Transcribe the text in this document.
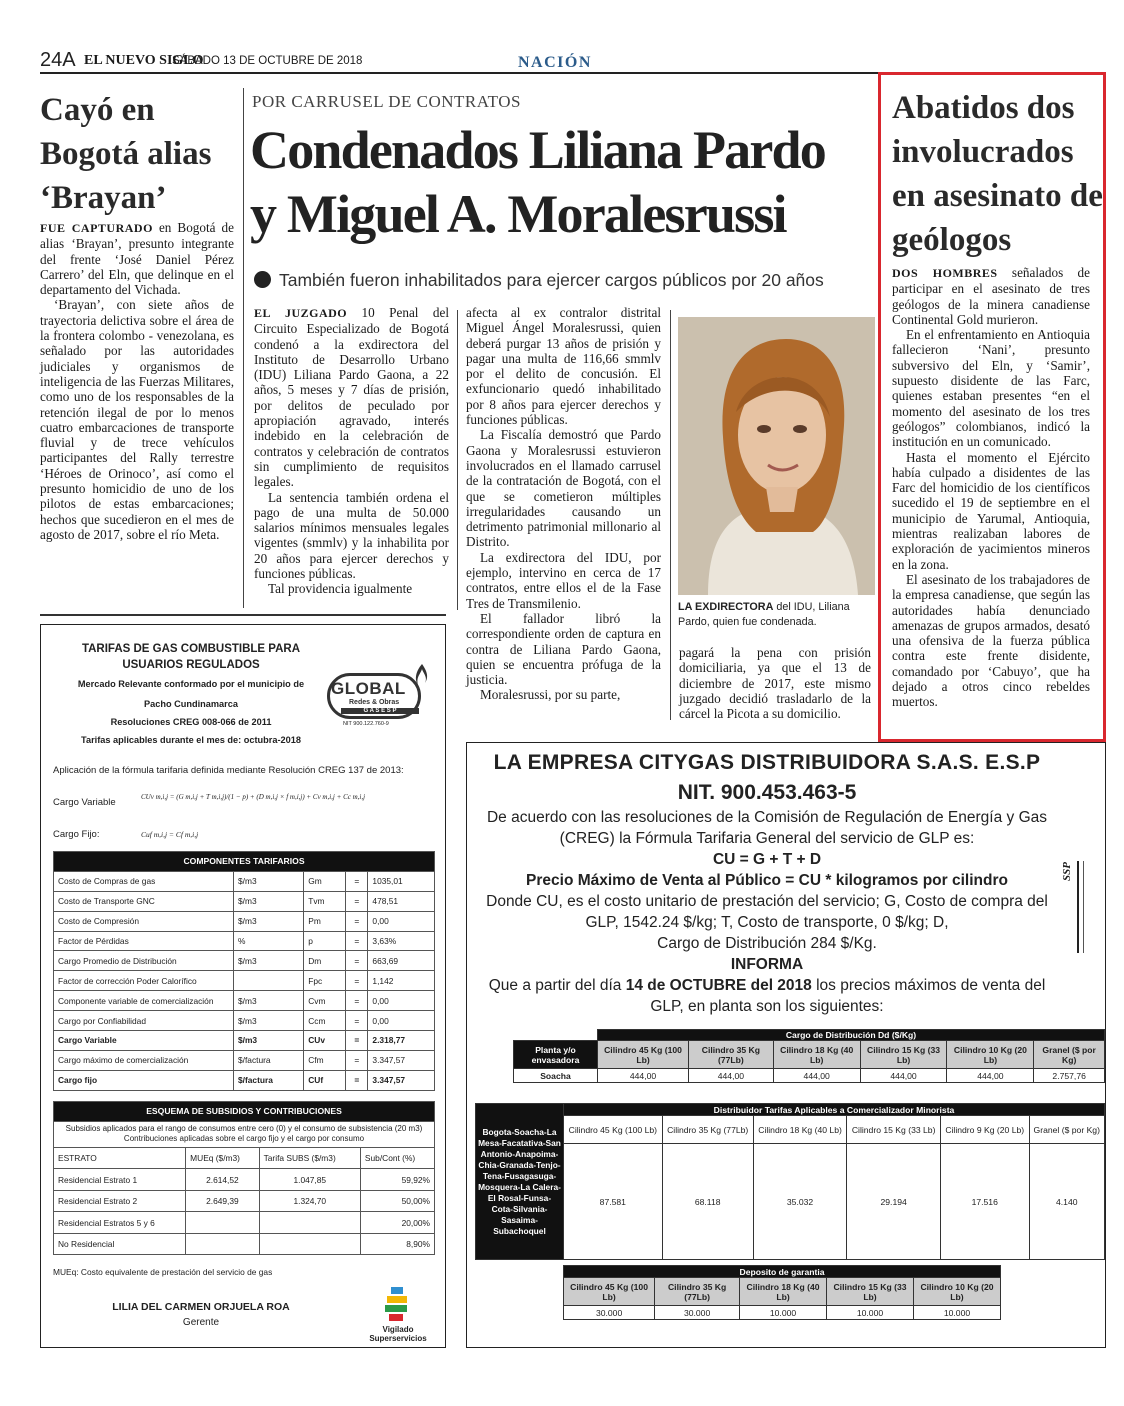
24A EL NUEVO SIGLO
SÁBADO 13 DE OCTUBRE DE 2018	NACIÓN
Cayó en Bogotá alias ‘Brayan’

FUE CAPTURADO en Bogotá de alias ‘Brayan’, presunto integrante del frente ‘José Daniel Pérez Carrero’ del Eln, que delinque en el departamento del Vichada.

‘Brayan’, con siete años de trayectoria delictiva sobre el área de la frontera colombo - venezolana, es señalado por las autoridades judiciales y organismos de inteligencia de las Fuerzas Militares, como uno de los responsables de la retención ilegal de por lo menos cuatro embarcaciones de transporte fluvial y de trece vehículos participantes del Rally terrestre ‘Héroes de Orinoco’, así como el presunto homicidio de uno de los pilotos de estas embarcaciones; hechos que sucedieron en el mes de agosto de 2017, sobre el río Meta.

POR CARRUSEL DE CONTRATOS
Condenados Liliana Pardo
y Miguel A. Moralesrussi
También fueron inhabilitados para ejercer cargos públicos por 20 años

EL JUZGADO 10 Penal del Circuito Especializado de Bogotá condenó a la exdirectora del Instituto de Desarrollo Urbano (IDU) Liliana Pardo Gaona, a 22 años, 5 meses y 7 días de prisión, por delitos de peculado por apropiación agravado, interés indebido en la celebración de contratos y celebración de contratos sin cumplimiento de requisitos legales.

La sentencia también ordena el pago de una multa de 50.000 salarios mínimos mensuales legales vigentes (smmlv) y la inhabilita por 20 años para ejercer derechos y funciones públicas.

Tal providencia igualmente

afecta al ex contralor distrital Miguel Ángel Moralesrussi, quien deberá purgar 13 años de prisión y pagar una multa de 116,66 smmlv por el delito de concusión. El exfuncionario quedó inhabilitado por 8 años para ejercer derechos y funciones públicas.

La Fiscalía demostró que Pardo Gaona y Moralesrussi estuvieron involucrados en el llamado carrusel de la contratación de Bogotá, con el que se cometieron múltiples irregularidades causando un detrimento patrimonial millonario al Distrito.

La exdirectora del IDU, por ejemplo, intervino en cerca de 17 contratos, entre ellos el de la Fase Tres de Transmilenio.

El fallador libró la correspondiente orden de captura en contra de Liliana Pardo Gaona, quien se encuentra prófuga de la justicia.

Moralesrussi, por su parte,

LA EXDIRECTORA del IDU, Liliana Pardo, quien fue condenada.

pagará la pena con prisión domiciliaria, ya que el 13 de diciembre de 2017, este mismo juzgado decidió trasladarlo de la cárcel la Picota a su domicilio.

Abatidos dos involucrados en asesinato de geólogos

DOS HOMBRES señalados de participar en el asesinato de tres geólogos de la minera canadiense Continental Gold murieron.

En el enfrentamiento en Antioquia fallecieron ‘Nani’, presunto subversivo del Eln, y ‘Samir’, supuesto disidente de las Farc, quienes estaban presentes “en el momento del asesinato de los tres geólogos” colombianos, indicó la institución en un comunicado.

Hasta el momento el Ejército había culpado a disidentes de las Farc del homicidio de los científicos sucedido el 19 de septiembre en el municipio de Yarumal, Antioquia, mientras realizaban labores de exploración de yacimientos mineros en la zona.

El asesinato de los trabajadores de la empresa canadiense, que según las autoridades había denunciado amenazas de grupos armados, desató una ofensiva de la fuerza pública contra este frente disidente, comandado por ‘Cabuyo’, que ha dejado a otros cinco rebeldes muertos.

TARIFAS DE GAS COMBUSTIBLE PARA
USUARIOS REGULADOS
Mercado Relevante conformado por el municipio de
Pacho Cundinamarca
Resoluciones CREG 008-066 de 2011
Tarifas aplicables durante el mes de: octubra-2018
GLOBAL
Redes & Obras
G A S E S P
NIT 900.122.760-9
Aplicación de la fórmula tarifaria definida mediante Resolución CREG 137 de 2013:
Cargo Variable	CUv m,i,j = (G m,i,j + T m,i,j)/(1 − p) + (D m,i,j × f m,i,j) + Cv m,i,j + Cc m,i,j
Cargo Fijo:	Cuf m,i,j = Cf m,i,j
COMPONENTES TARIFARIOS				
Costo de Compras de gas	$/m3	Gm	=	1035,01
Costo de Transporte GNC	$/m3	Tvm	=	478,51
Costo de Compresión	$/m3	Pm	=	0,00
Factor de Pérdidas	%	p	=	3,63%
Cargo Promedio de Distribución	$/m3	Dm	=	663,69
Factor de corrección Poder Calorífico		Fpc	=	1,142
Componente variable de comercialización	$/m3	Cvm	=	0,00
Cargo por Confiabilidad	$/m3	Ccm	=	0,00
Cargo Variable	$/m3	CUv	=	2.318,77
Cargo máximo de comercialización	$/factura	Cfm	=	3.347,57
Cargo fijo	$/factura	CUf	=	3.347,57
ESQUEMA DE SUBSIDIOS Y CONTRIBUCIONES			
Subsidios aplicados para el rango de consumos entre cero (0) y el consumo de subsistencia (20 m3) Contribuciones aplicadas sobre el cargo fijo y el cargo por consumo			
ESTRATO	MUEq ($/m3)	Tarifa SUBS ($/m3)	Sub/Cont (%)
Residencial Estrato 1	2.614,52	1.047,85	59,92%
Residencial Estrato 2	2.649,39	1.324,70	50,00%
Residencial Estratos 5 y 6			20,00%
No Residencial			8,90%
MUEq: Costo equivalente de prestación del servicio de gas
LILIA DEL CARMEN ORJUELA ROA
Gerente
Vigilado
Superservicios
LA EMPRESA CITYGAS DISTRIBUIDORA S.A.S. E.S.P
NIT. 900.453.463-5
De acuerdo con las resoluciones de la Comisión de Regulación de Energía y Gas
(CREG) la Fórmula Tarifaria General del servicio de GLP es:
CU = G + T + D
Precio Máximo de Venta al Público = CU * kilogramos por cilindro
Donde CU, es el costo unitario de prestación del servicio; G, Costo de compra del
GLP, 1542.24 $/kg; T, Costo de transporte, 0 $/kg; D,
Cargo de Distribución 284 $/Kg.
INFORMA
Que a partir del día 14 de OCTUBRE del 2018 los precios máximos de venta del
GLP, en planta son los siguientes:
SSP
	Cargo de Distribución Dd ($/Kg)					
Planta y/o envasadora	Cilindro 45 Kg (100 Lb)	Cilindro 35 Kg (77Lb)	Cilindro 18 Kg (40 Lb)	Cilindro 15 Kg (33 Lb)	Cilindro 10 Kg (20 Lb)	Granel ($ por Kg)
Soacha	444,00	444,00	444,00	444,00	444,00	2.757,76
Bogota-Soacha-La Mesa-Facatativa-San Antonio-Anapoima-Chia-Granada-Tenjo-Tena-Fusagasuga-Mosquera-La Calera-El Rosal-Funsa-Cota-Silvania-Sasaima-Subachoquel	Distribuidor Tarifas Aplicables a Comercializador Minorista					
	Cilindro 45 Kg (100 Lb)	Cilindro 35 Kg (77Lb)	Cilindro 18 Kg (40 Lb)	Cilindro 15 Kg (33 Lb)	Cilindro 9 Kg (20 Lb)	Granel ($ por Kg)
	87.581	68.118	35.032	29.194	17.516	4.140
Deposito de garantia				
Cilindro 45 Kg (100 Lb)	Cilindro 35 Kg (77Lb)	Cilindro 18 Kg (40 Lb)	Cilindro 15 Kg (33 Lb)	Cilindro 10 Kg (20 Lb)
30.000	30.000	10.000	10.000	10.000
